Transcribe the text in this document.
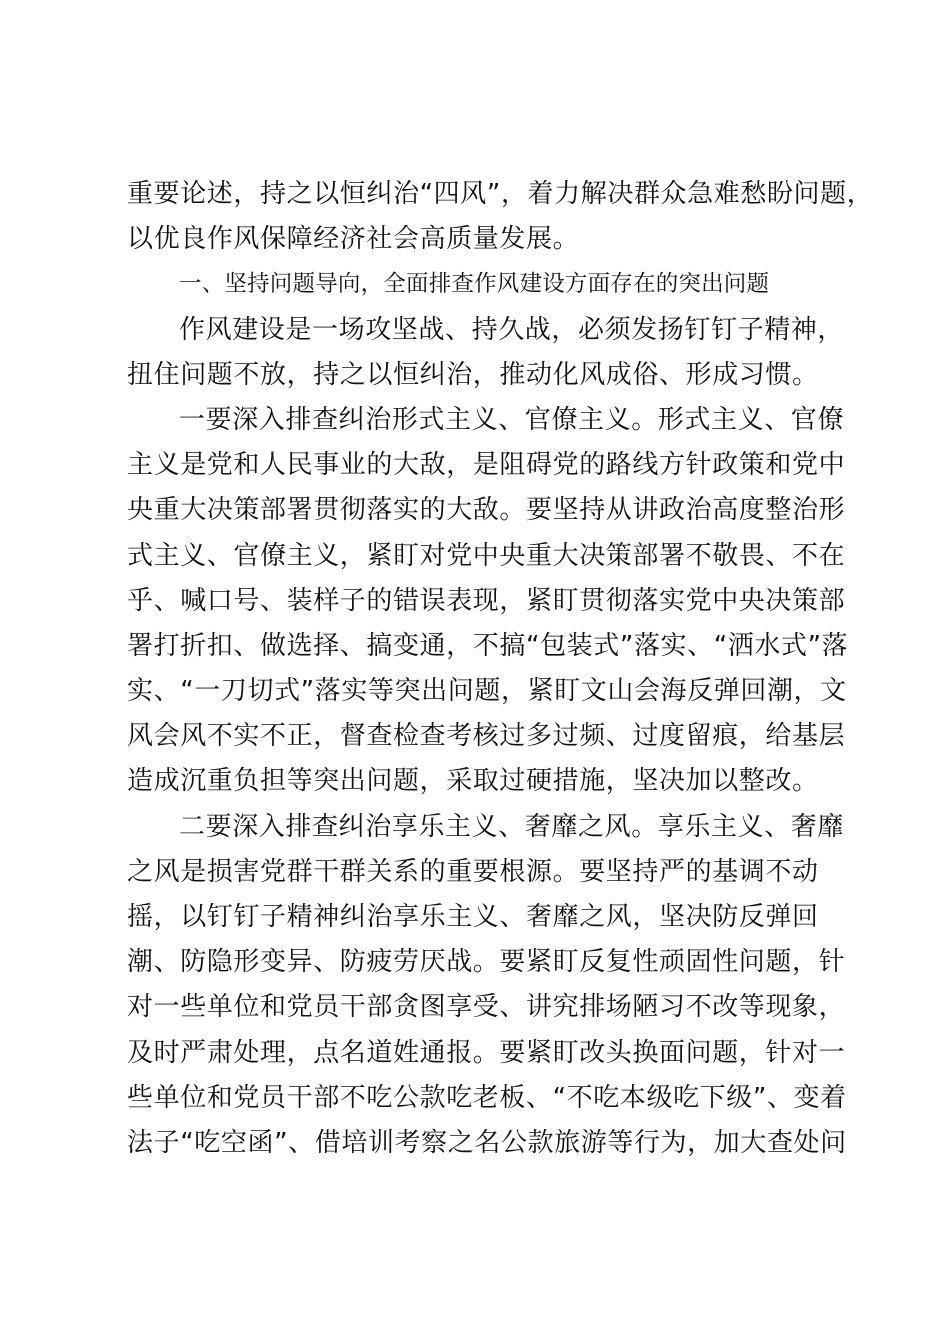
重要论述，持之以恒纠治“四风”，着力解决群众急难愁盼问题，
以优良作风保障经济社会高质量发展。
一、坚持问题导向，全面排查作风建设方面存在的突出问题
作风建设是一场攻坚战、持久战，必须发扬钉钉子精神，
扭住问题不放，持之以恒纠治，推动化风成俗、形成习惯。
一要深入排查纠治形式主义、官僚主义。形式主义、官僚
主义是党和人民事业的大敌，是阻碍党的路线方针政策和党中
央重大决策部署贯彻落实的大敌。要坚持从讲政治高度整治形
式主义、官僚主义，紧盯对党中央重大决策部署不敬畏、不在
乎、喊口号、装样子的错误表现，紧盯贯彻落实党中央决策部
署打折扣、做选择、搞变通，不搞“包装式”落实、“洒水式”落
实、“一刀切式”落实等突出问题，紧盯文山会海反弹回潮，文
风会风不实不正，督查检查考核过多过频、过度留痕，给基层
造成沉重负担等突出问题，采取过硬措施，坚决加以整改。
二要深入排查纠治享乐主义、奢靡之风。享乐主义、奢靡
之风是损害党群干群关系的重要根源。要坚持严的基调不动
摇，以钉钉子精神纠治享乐主义、奢靡之风，坚决防反弹回
潮、防隐形变异、防疲劳厌战。要紧盯反复性顽固性问题，针
对一些单位和党员干部贪图享受、讲究排场陋习不改等现象，
及时严肃处理，点名道姓通报。要紧盯改头换面问题，针对一
些单位和党员干部不吃公款吃老板、“不吃本级吃下级”、变着
法子“吃空函”、借培训考察之名公款旅游等行为，加大查处问
